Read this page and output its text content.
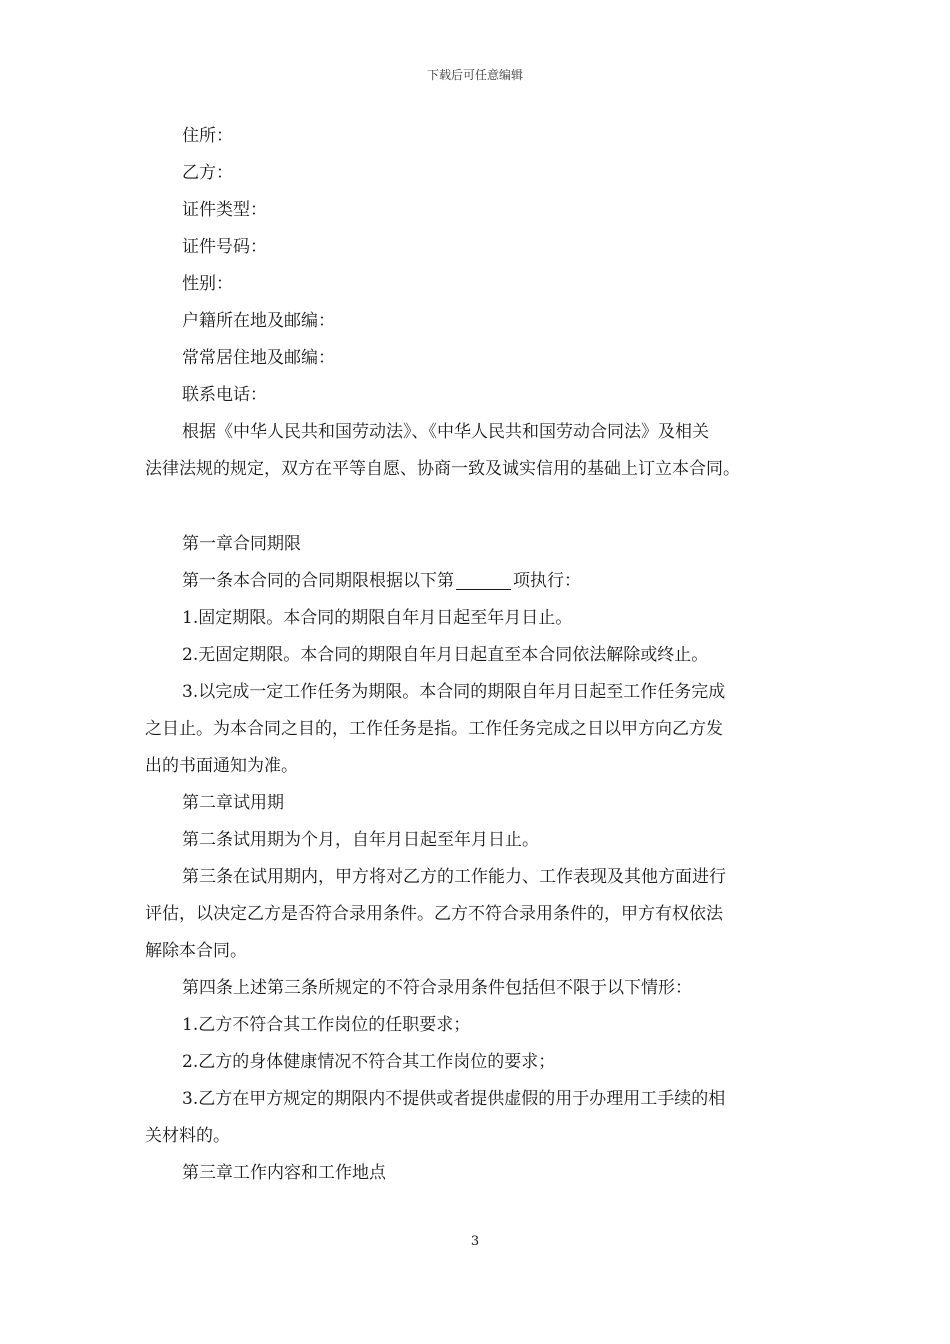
下载后可任意编辑
住所：
乙方：
证件类型：
证件号码：
性别：
户籍所在地及邮编：
常常居住地及邮编：
联系电话：
根据《中华人民共和国劳动法》、《中华人民共和国劳动合同法》及相关
法律法规的规定，双方在平等自愿、协商一致及诚实信用的基础上订立本合同。
第一章合同期限
第一条本合同的合同期限根据以下第	项执行：
1.固定期限。本合同的期限自年月日起至年月日止。
2.无固定期限。本合同的期限自年月日起直至本合同依法解除或终止。
3.以完成一定工作任务为期限。本合同的期限自年月日起至工作任务完成
之日止。为本合同之目的，工作任务是指。工作任务完成之日以甲方向乙方发
出的书面通知为准。
第二章试用期
第二条试用期为个月，自年月日起至年月日止。
第三条在试用期内，甲方将对乙方的工作能力、工作表现及其他方面进行
评估，以决定乙方是否符合录用条件。乙方不符合录用条件的，甲方有权依法
解除本合同。
第四条上述第三条所规定的不符合录用条件包括但不限于以下情形：
1.乙方不符合其工作岗位的任职要求；
2.乙方的身体健康情况不符合其工作岗位的要求；
3.乙方在甲方规定的期限内不提供或者提供虚假的用于办理用工手续的相
关材料的。
第三章工作内容和工作地点
3
